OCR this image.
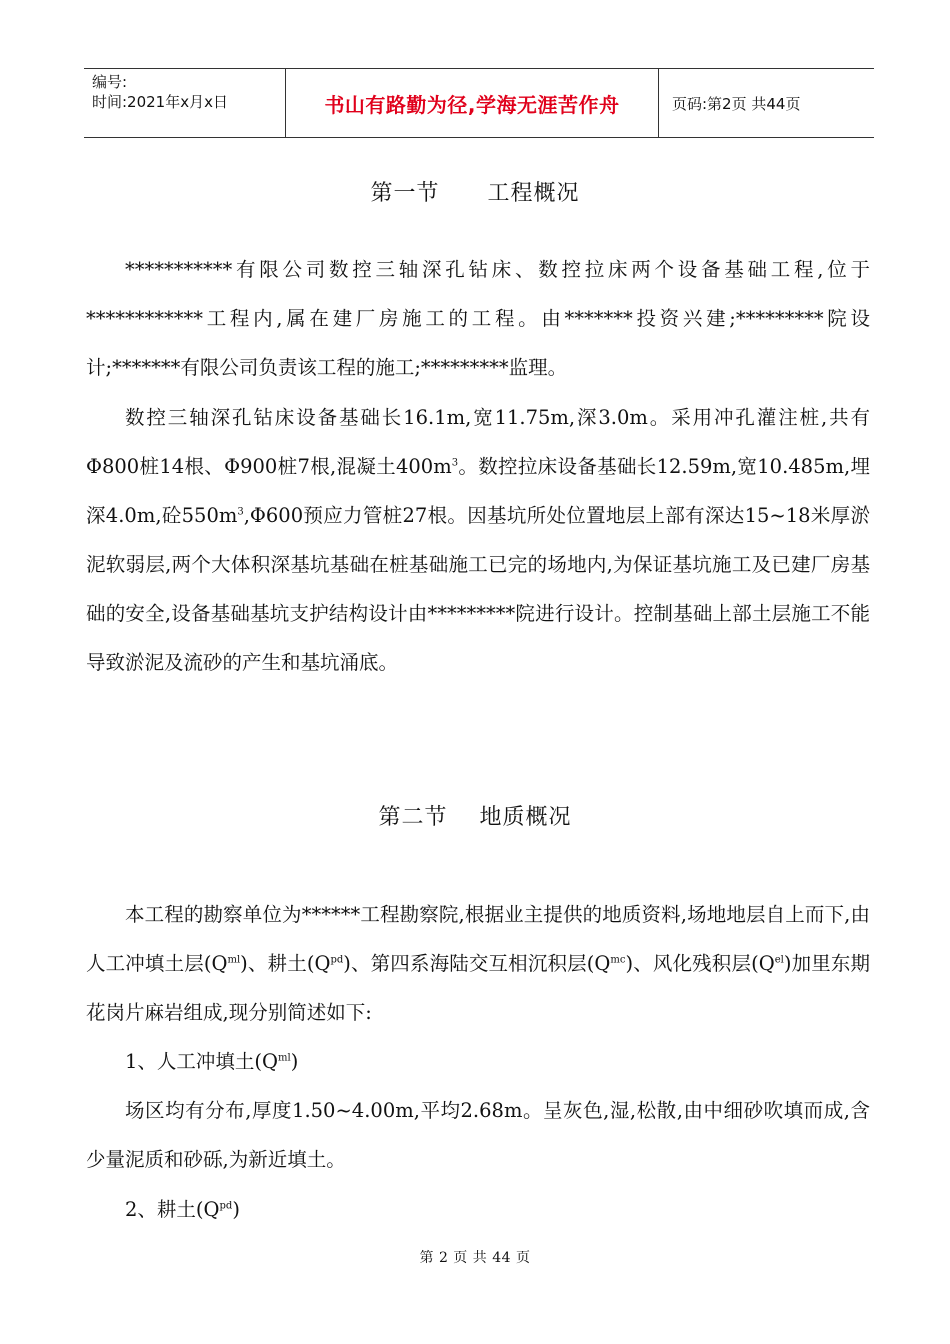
编号:
时间:2021年x月x日	书山有路勤为径,学海无涯苦作舟	页码:第2页 共44页
第一节      工程概况

***********有限公司数控三轴深孔钻床、数控拉床两个设备基础工程,位于************工程内,属在建厂房施工的工程。由*******投资兴建;*********院设计;*******有限公司负责该工程的施工;*********监理。

数控三轴深孔钻床设备基础长16.1m,宽11.75m,深3.0m。采用冲孔灌注桩,共有Φ800桩14根、Φ900桩7根,混凝土$400m^3$。数控拉床设备基础长12.59m,宽10.485m,埋深4.0m,砼$550m^3,\Phi 600$预应力管桩27根。因基坑所处位置地层上部有深达15~18米厚淤泥软弱层,两个大体积深基坑基础在桩基础施工已完的场地内,为保证基坑施工及已建厂房基础的安全,设备基础基坑支护结构设计由*********院进行设计。控制基础上部土层施工不能导致淤泥及流砂的产生和基坑涌底。

第二节    地质概况

本工程的勘察单位为******工程勘察院,根据业主提供的地质资料,场地地层自上而下,由人工冲填土层$(Q^{ml})$、耕土$(Q^{pd})$、第四系海陆交互相沉积层$(Q^{mc})$、风化残积层$(Q^{el})$加里东期花岗片麻岩组成,现分别简述如下:

1、人工冲填土$(Q^{ml})$

场区均有分布,厚度1.50~4.00m,平均2.68m。呈灰色,湿,松散,由中细砂吹填而成,含少量泥质和砂砾,为新近填土。

2、耕土$(Q^{pd})$

第 2 页 共 44 页
